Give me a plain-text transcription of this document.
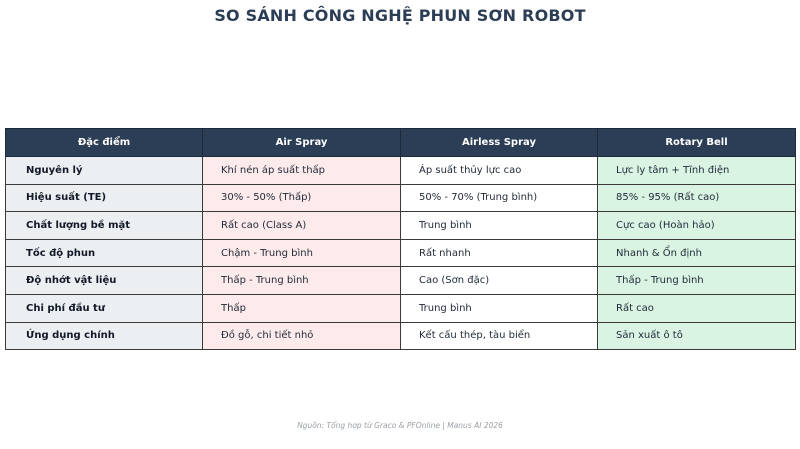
SO SÁNH CÔNG NGHỆ PHUN SƠN ROBOT
Đặc điểm	Air Spray	Airless Spray	Rotary Bell
Nguyên lý	Khí nén áp suất thấp	Áp suất thủy lực cao	Lực ly tâm + Tĩnh điện
Hiệu suất (TE)	30% - 50% (Thấp)	50% - 70% (Trung bình)	85% - 95% (Rất cao)
Chất lượng bề mặt	Rất cao (Class A)	Trung bình	Cực cao (Hoàn hảo)
Tốc độ phun	Chậm - Trung bình	Rất nhanh	Nhanh & Ổn định
Độ nhớt vật liệu	Thấp - Trung bình	Cao (Sơn đặc)	Thấp - Trung bình
Chi phí đầu tư	Thấp	Trung bình	Rất cao
Ứng dụng chính	Đồ gỗ, chi tiết nhỏ	Kết cấu thép, tàu biển	Sản xuất ô tô
Nguồn: Tổng hợp từ Graco & PFOnline | Manus AI 2026
